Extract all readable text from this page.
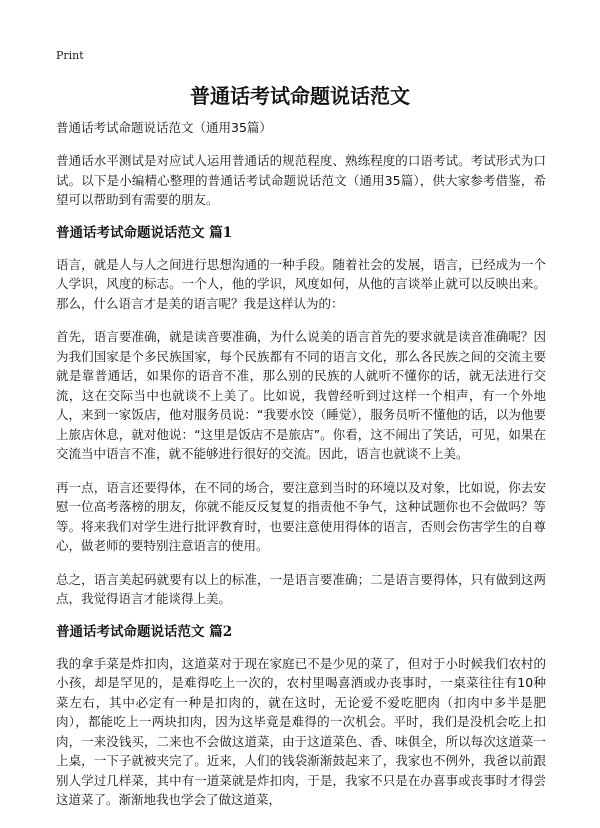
Print
普通话考试命题说话范文

普通话考试命题说话范文（通用35篇）

普通话水平测试是对应试人运用普通话的规范程度、熟练程度的口语考试。考试形式为口试。以下是小编精心整理的普通话考试命题说话范文（通用35篇），供大家参考借鉴，希望可以帮助到有需要的朋友。

普通话考试命题说话范文 篇1

语言，就是人与人之间进行思想沟通的一种手段。随着社会的发展，语言，已经成为一个人学识，风度的标志。一个人，他的学识，风度如何，从他的言谈举止就可以反映出来。那么，什么语言才是美的语言呢？我是这样认为的：

首先，语言要准确，就是读音要准确，为什么说美的语言首先的要求就是读音准确呢？因为我们国家是个多民族国家，每个民族都有不同的语言文化，那么各民族之间的交流主要就是靠普通话，如果你的语音不准，那么别的民族的人就听不懂你的话，就无法进行交流，这在交际当中也就谈不上美了。比如说，我曾经听到过这样一个相声，有一个外地人，来到一家饭店，他对服务员说：“我要水饺（睡觉），服务员听不懂他的话，以为他要上旅店休息，就对他说：“这里是饭店不是旅店”。你看，这不闹出了笑话，可见，如果在交流当中语言不准，就不能够进行很好的交流。因此，语言也就谈不上美。

再一点，语言还要得体，在不同的场合，要注意到当时的环境以及对象，比如说，你去安慰一位高考落榜的朋友，你就不能反反复复的指责他不争气，这种试题你也不会做吗？等等。将来我们对学生进行批评教育时，也要注意使用得体的语言，否则会伤害学生的自尊心，做老师的要特别注意语言的使用。

总之，语言美起码就要有以上的标准，一是语言要准确；二是语言要得体，只有做到这两点，我觉得语言才能谈得上美。

普通话考试命题说话范文 篇2

我的拿手菜是炸扣肉，这道菜对于现在家庭已不是少见的菜了，但对于小时候我们农村的小孩，却是罕见的，是难得吃上一次的，农村里喝喜酒或办丧事时，一桌菜往往有10种菜左右，其中必定有一种是扣肉的，就在这时，无论爱不爱吃肥肉（扣肉中多半是肥肉），都能吃上一两块扣肉，因为这毕竟是难得的一次机会。平时，我们是没机会吃上扣肉，一来没钱买，二来也不会做这道菜，由于这道菜色、香、味俱全，所以每次这道菜一上桌，一下子就被夹完了。近来，人们的钱袋渐渐鼓起来了，我家也不例外，我爸以前跟别人学过几样菜，其中有一道菜就是炸扣肉，于是，我家不只是在办喜事或丧事时才得尝这道菜了。渐渐地我也学会了做这道菜，
